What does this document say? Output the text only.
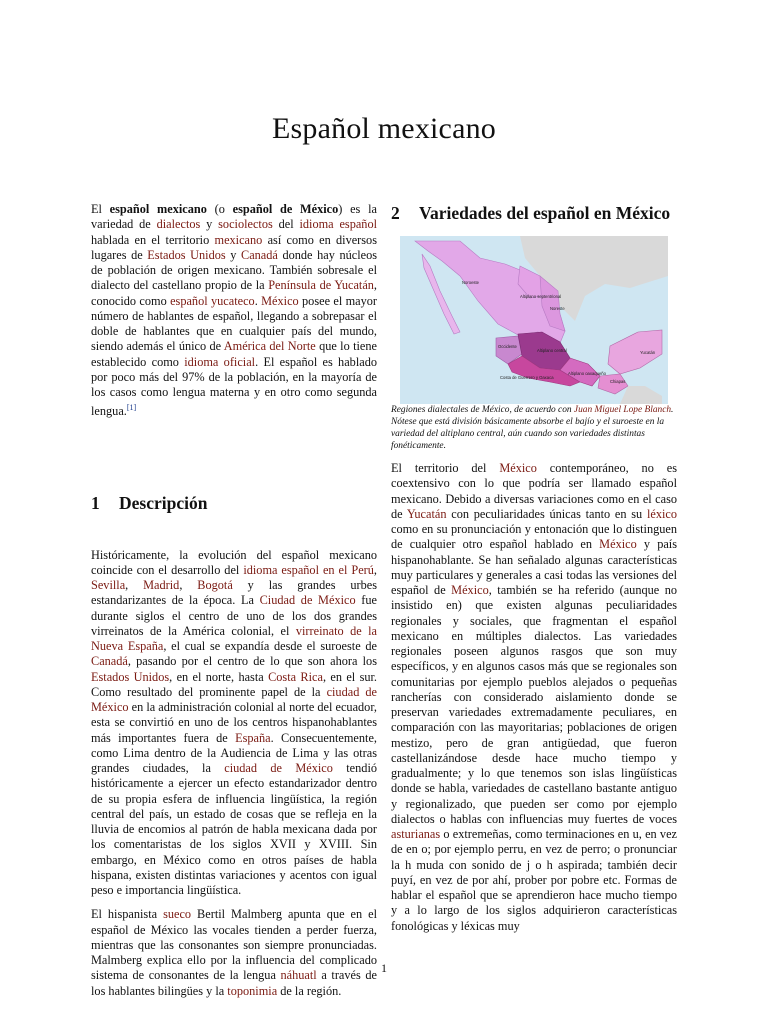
Español mexicano

El español mexicano (o español de México) es la variedad de dialectos y sociolectos del idioma español hablada en el territorio mexicano así como en diversos lugares de Estados Unidos y Canadá donde hay núcleos de población de origen mexicano. También sobresale el dialecto del castellano propio de la Península de Yucatán, conocido como español yucateco. México posee el mayor número de hablantes de español, llegando a sobrepasar el doble de hablantes que en cualquier país del mundo, siendo además el único de América del Norte que lo tiene establecido como idioma oficial. El español es hablado por poco más del 97% de la población, en la mayoría de los casos como lengua materna y en otro como segunda lengua.[1]

1 Descripción

Históricamente, la evolución del español mexicano coincide con el desarrollo del idioma español en el Perú, Sevilla, Madrid, Bogotá y las grandes urbes estandarizantes de la época. La Ciudad de México fue durante siglos el centro de uno de los dos grandes virreinatos de la América colonial, el virreinato de la Nueva España, el cual se expandía desde el suroeste de Canadá, pasando por el centro de lo que son ahora los Estados Unidos, en el norte, hasta Costa Rica, en el sur. Como resultado del prominente papel de la ciudad de México en la administración colonial al norte del ecuador, esta se convirtió en uno de los centros hispanohablantes más importantes fuera de España. Consecuentemente, como Lima dentro de la Audiencia de Lima y las otras grandes ciudades, la ciudad de México tendió históricamente a ejercer un efecto estandarizador dentro de su propia esfera de influencia lingüística, la región central del país, un estado de cosas que se refleja en la lluvia de encomios al patrón de habla mexicana dada por los comentaristas de los siglos XVII y XVIII. Sin embargo, en México como en otros países de habla hispana, existen distintas variaciones y acentos con igual peso e importancia lingüística.

El hispanista sueco Bertil Malmberg apunta que en el español de México las vocales tienden a perder fuerza, mientras que las consonantes son siempre pronunciadas. Malmberg explica ello por la influencia del complicado sistema de consonantes de la lengua náhuatl a través de los hablantes bilingües y la toponimia de la región.

2	Variedades del español en México
Noroeste
Altiplano septentrional
Noreste
Occidente
Altiplano central
Costa de Guerrero y Oaxaca
Altiplano oaxaqueño
Chiapas
Yucatán

Regiones dialectales de México, de acuerdo con Juan Miguel Lope Blanch. Nótese que está división básicamente absorbe el bajío y el suroeste en la variedad del altiplano central, aún cuando son variedades distintas fonéticamente.

El territorio del México contemporáneo, no es coextensivo con lo que podría ser llamado español mexicano. Debido a diversas variaciones como en el caso de Yucatán con peculiaridades únicas tanto en su léxico como en su pronunciación y entonación que lo distinguen de cualquier otro español hablado en México y país hispanohablante. Se han señalado algunas características muy particulares y generales a casi todas las versiones del español de México, también se ha referido (aunque no insistido en) que existen algunas peculiaridades regionales y sociales, que fragmentan el español mexicano en múltiples dialectos. Las variedades regionales poseen algunos rasgos que son muy específicos, y en algunos casos más que se regionales son comunitarias por ejemplo pueblos alejados o pequeñas rancherías con considerado aislamiento donde se preservan variedades extremadamente peculiares, en comparación con las mayoritarias; poblaciones de origen mestizo, pero de gran antigüedad, que fueron castellanizándose desde hace mucho tiempo y gradualmente; y lo que tenemos son islas lingüísticas donde se habla, variedades de castellano bastante antiguo y regionalizado, que pueden ser como por ejemplo dialectos o hablas con influencias muy fuertes de voces asturianas o extremeñas, como terminaciones en u, en vez de en o; por ejemplo perru, en vez de perro; o pronunciar la h muda con sonido de j o h aspirada; también decir puyí, en vez de por ahí, prober por pobre etc. Formas de hablar el español que se aprendieron hace mucho tiempo y a lo largo de los siglos adquirieron características fonológicas y léxicas muy

1
